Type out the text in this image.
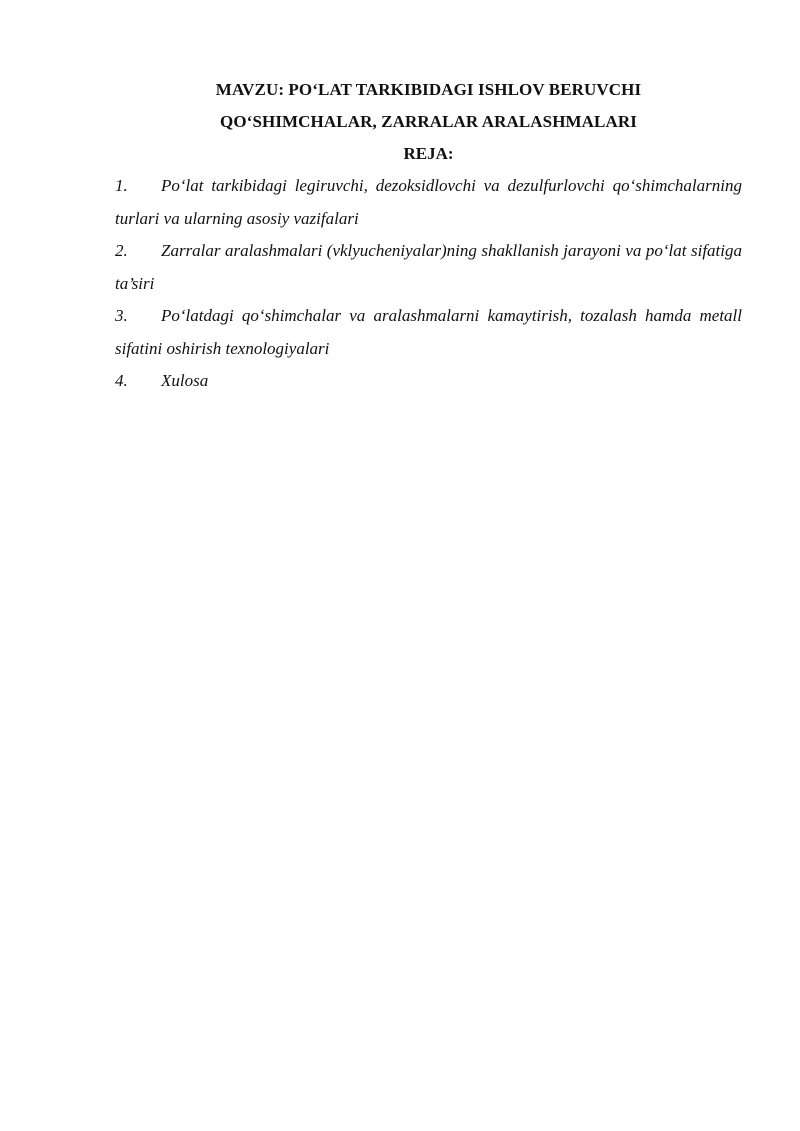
MAVZU: PO‘LAT TARKIBIDAGI ISHLOV BERUVCHI
QO‘SHIMCHALAR, ZARRALAR ARALASHMALARI
REJA:
1. Po‘lat tarkibidagi legiruvchi, dezoksidlovchi va dezulfurlovchi qo‘shimchalarning turlari va ularning asosiy vazifalari
2. Zarralar aralashmalari (vklyucheniyalar)ning shakllanish jarayoni va po‘lat sifatiga ta’siri
3. Po‘latdagi qo‘shimchalar va aralashmalarni kamaytirish, tozalash hamda metall sifatini oshirish texnologiyalari
4. Xulosa
